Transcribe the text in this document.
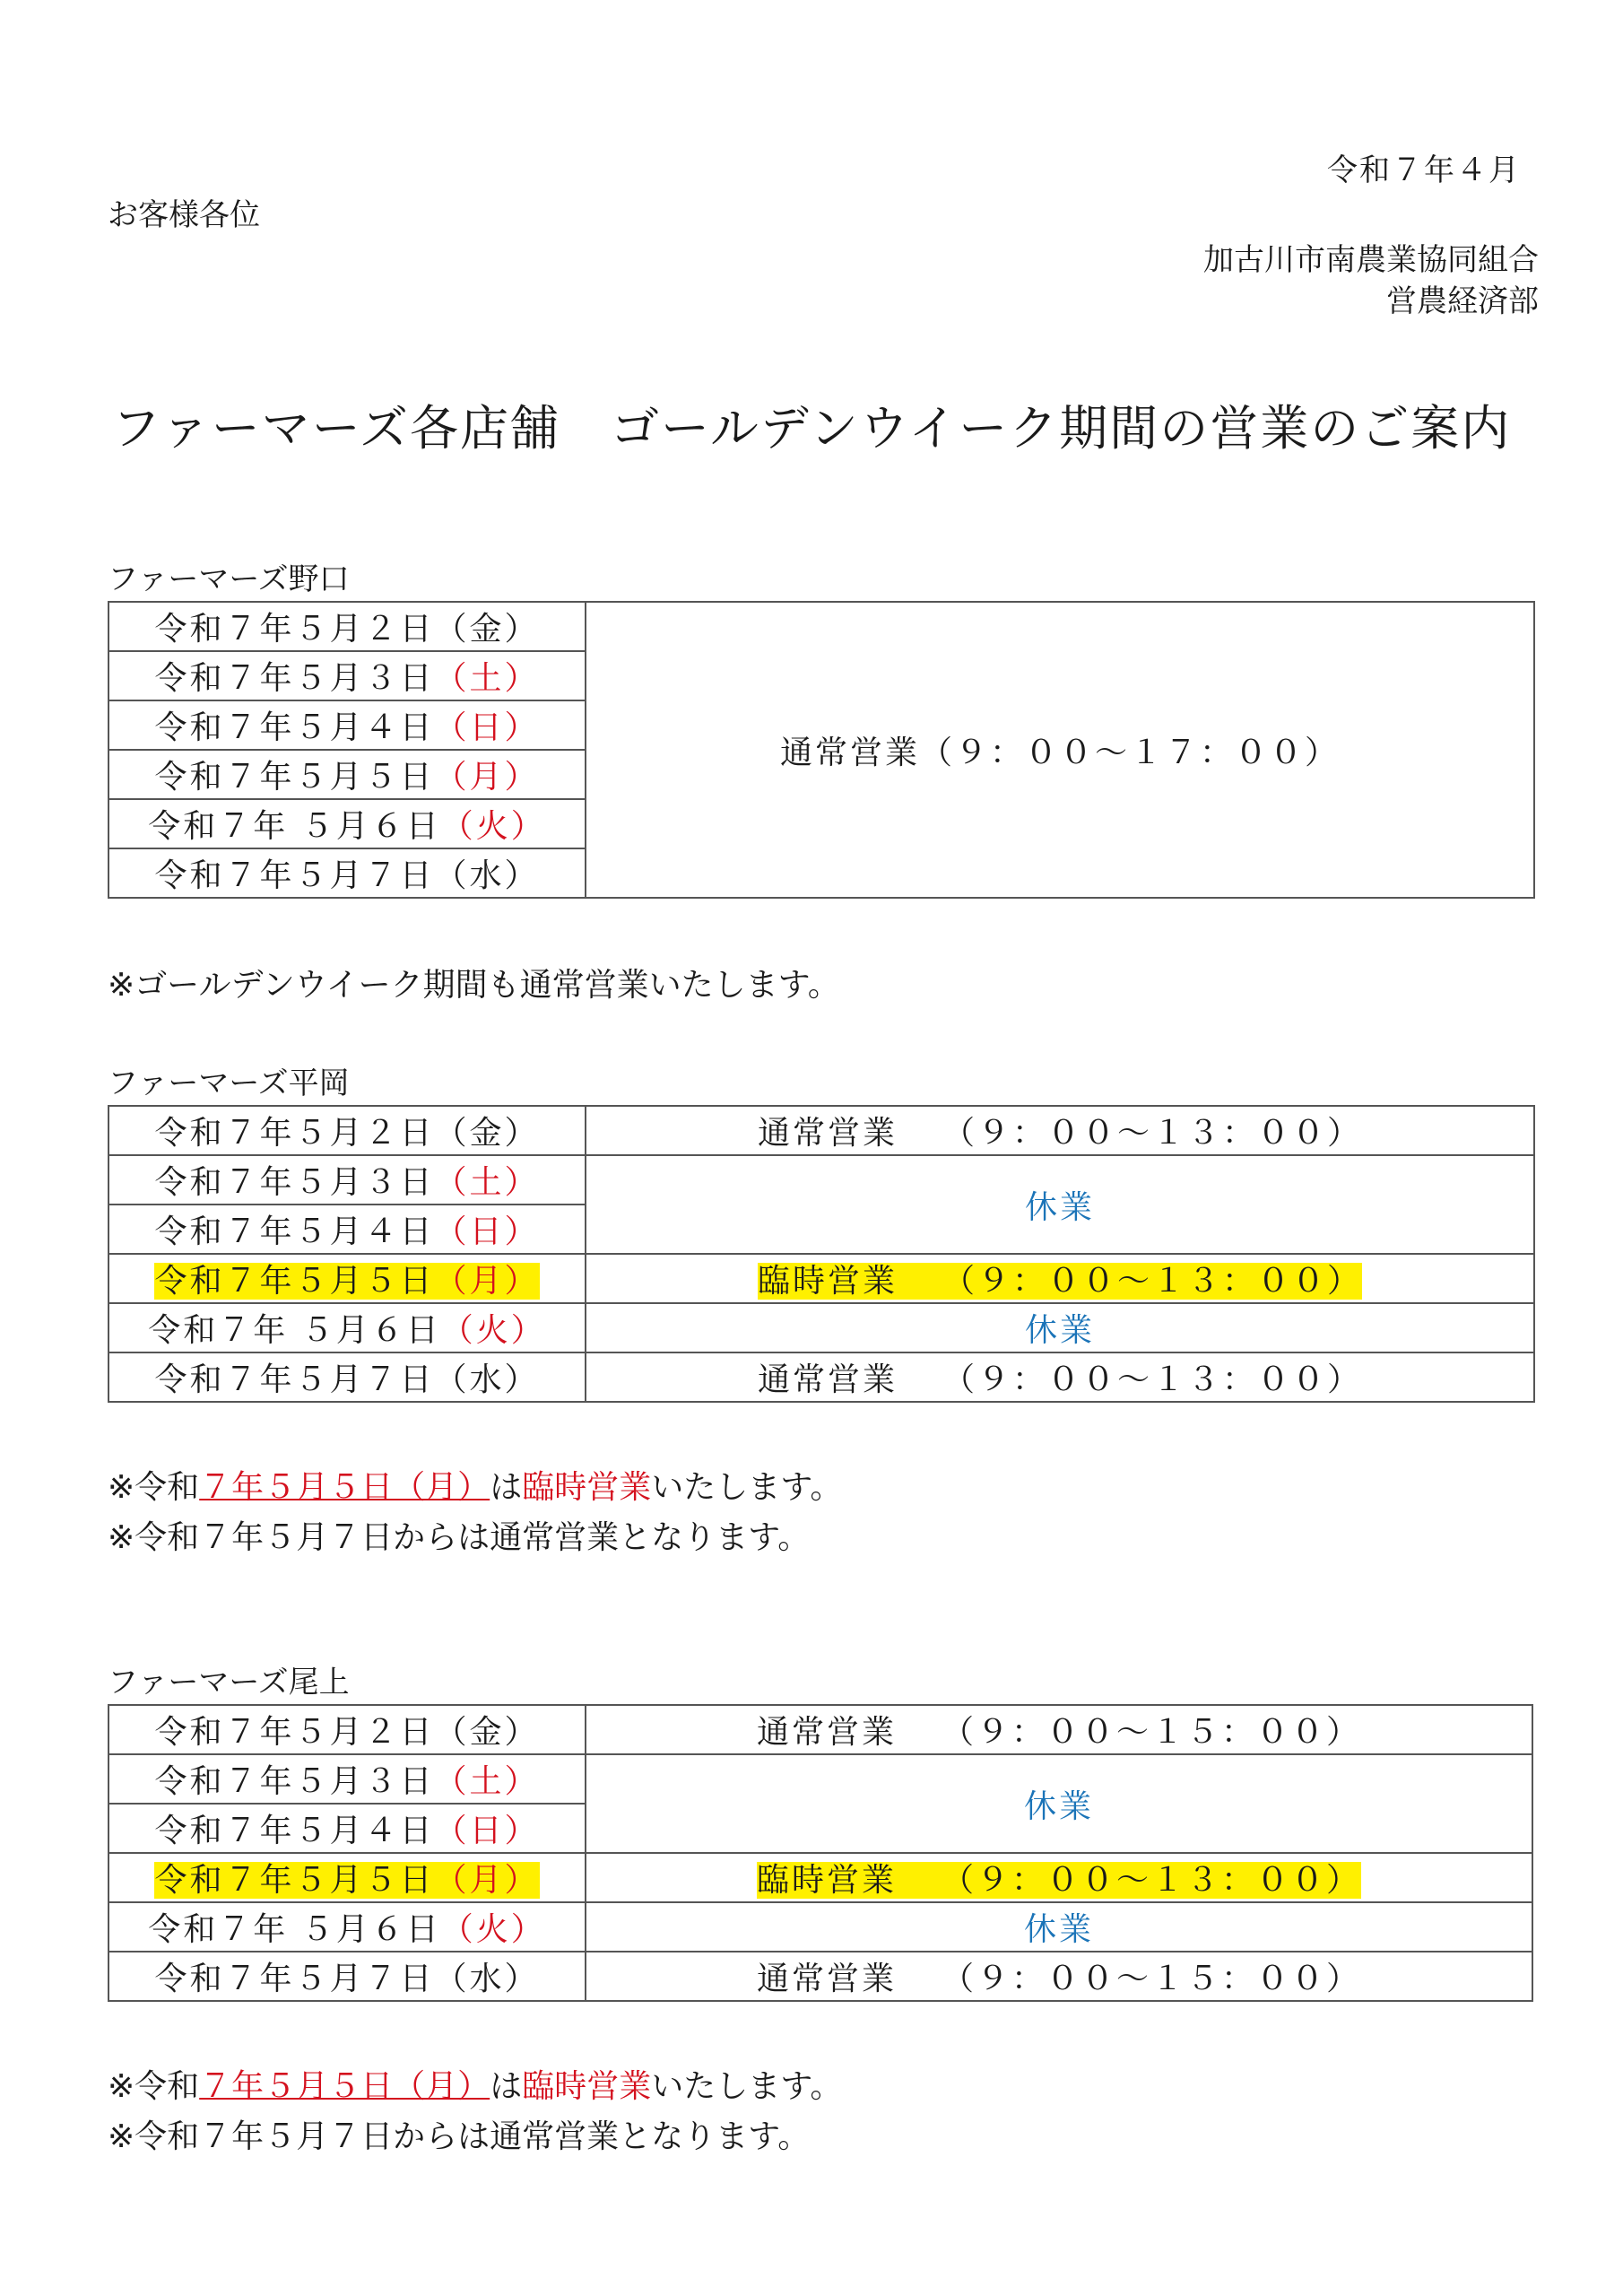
令和７年４月
お客様各位
加古川市南農業協同組合
営農経済部
ファーマーズ各店舗　ゴールデンウイーク期間の営業のご案内
ファーマーズ野口
令和７年５月２日（金）	通常営業（９：００～１７：００）
令和７年５月３日（土）
令和７年５月４日（日）
令和７年５月５日（月）
令和７年 ５月６日（火）
令和７年５月７日（水）
※ゴールデンウイーク期間も通常営業いたします。
ファーマーズ平岡
令和７年５月２日（金）	通常営業 （９：００～１３：００）
令和７年５月３日（土）	休業
令和７年５月４日（日）	
令和７年５月５日（月）	臨時営業 （９：００～１３：００）
令和７年 ５月６日（火）	休業
令和７年５月７日（水）	通常営業 （９：００～１３：００）
※令和７年５月５日（月）は臨時営業いたします。
※令和７年５月７日からは通常営業となります。
ファーマーズ尾上
令和７年５月２日（金）	通常営業 （９：００～１５：００）
令和７年５月３日（土）	休業
令和７年５月４日（日）	
令和７年５月５日（月）	臨時営業 （９：００～１３：００）
令和７年 ５月６日（火）	休業
令和７年５月７日（水）	通常営業 （９：００～１５：００）
※令和７年５月５日（月）は臨時営業いたします。
※令和７年５月７日からは通常営業となります。
